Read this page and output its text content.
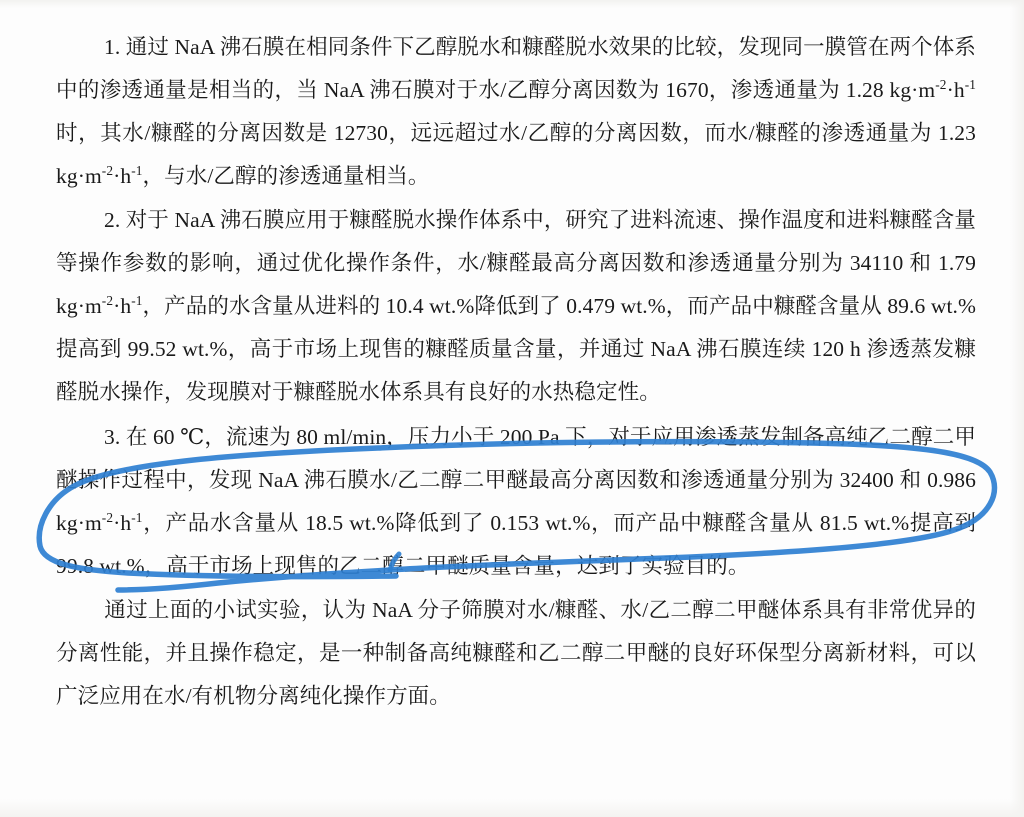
1. 通过 NaA 沸石膜在相同条件下乙醇脱水和糠醛脱水效果的比较，发现同一膜管在两个体系中的渗透通量是相当的，当 NaA 沸石膜对于水/乙醇分离因数为 1670，渗透通量为 1.28 $kg\cdot m^{-2}\cdot h^{-1}$ 时，其水/糠醛的分离因数是 12730，远远超过水/乙醇的分离因数，而水/糠醛的渗透通量为 1.23 $kg\cdot m^{-2}\cdot h^{-1}$，与水/乙醇的渗透通量相当。

2. 对于 NaA 沸石膜应用于糠醛脱水操作体系中，研究了进料流速、操作温度和进料糠醛含量等操作参数的影响，通过优化操作条件，水/糠醛最高分离因数和渗透通量分别为 34110 和 1.79 $kg\cdot m^{-2}\cdot h^{-1}$，产品的水含量从进料的 10.4 wt.%降低到了 0.479 wt.%，而产品中糠醛含量从 89.6 wt.%提高到 99.52 wt.%，高于市场上现售的糠醛质量含量，并通过 NaA 沸石膜连续 120 h 渗透蒸发糠醛脱水操作，发现膜对于糠醛脱水体系具有良好的水热稳定性。

3. 在 60 ℃，流速为 80 ml/min，压力小于 200 Pa 下，对于应用渗透蒸发制备高纯乙二醇二甲醚操作过程中，发现 NaA 沸石膜水/乙二醇二甲醚最高分离因数和渗透通量分别为 32400 和 0.986 $kg\cdot m^{-2}\cdot h^{-1}$，产品水含量从 18.5 wt.%降低到了 0.153 wt.%，而产品中糠醛含量从 81.5 wt.%提高到 99.8 wt.%，高于市场上现售的乙二醇二甲醚质量含量，达到了实验目的。

通过上面的小试实验，认为 NaA 分子筛膜对水/糠醛、水/乙二醇二甲醚体系具有非常优异的分离性能，并且操作稳定，是一种制备高纯糠醛和乙二醇二甲醚的良好环保型分离新材料，可以广泛应用在水/有机物分离纯化操作方面。
